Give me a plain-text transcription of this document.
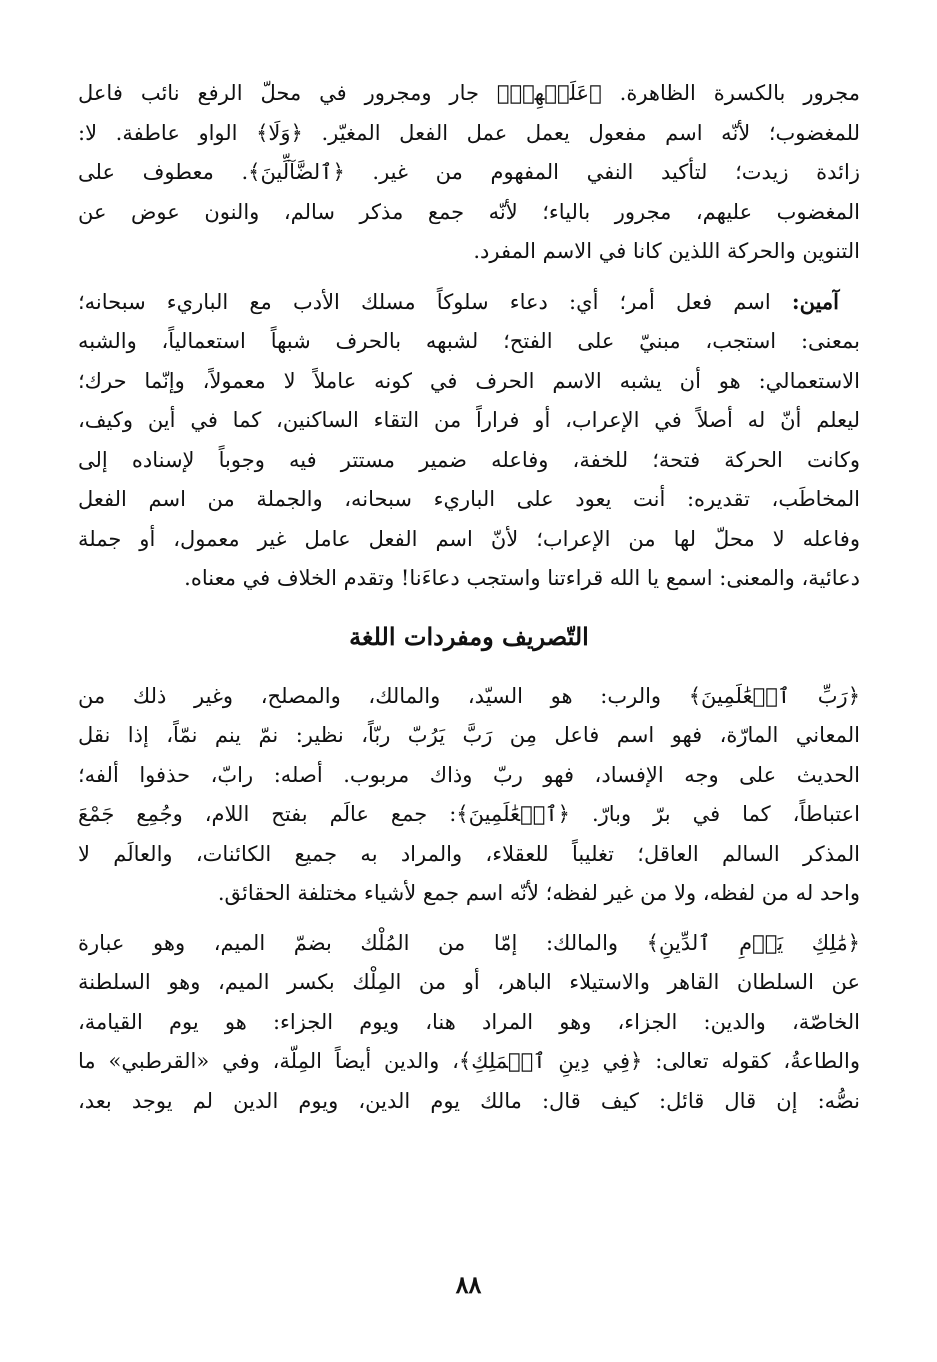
مجرور بالكسرة الظاهرة. ﴿عَلَيۡهِمۡ﴾ جار ومجرور في محلّ الرفع نائب فاعل
للمغضوب؛ لأنّه اسم مفعول يعمل عمل الفعل المغيّر. ﴿وَلَا﴾ الواو عاطفة. لا:
زائدة زيدت؛ لتأكيد النفي المفهوم من غير. ﴿ٱلضَّآلِّينَ﴾. معطوف على
المغضوب عليهم، مجرور بالياء؛ لأنّه جمع مذكر سالم، والنون عوض عن
التنوين والحركة اللذين كانا في الاسم المفرد.
 آمين: اسم فعل أمر؛ أي: دعاء سلوكاً مسلك الأدب مع الباريء سبحانه؛
بمعنى: استجب، مبنيّ على الفتح؛ لشبهه بالحرف شبهاً استعمالياً، والشبه
الاستعمالي: هو أن يشبه الاسم الحرف في كونه عاملاً لا معمولاً، وإنّما حرك؛
ليعلم أنّ له أصلاً في الإعراب، أو فراراً من التقاء الساكنين، كما في أين وكيف،
وكانت الحركة فتحة؛ للخفة، وفاعله ضمير مستتر فيه وجوباً لإسناده إلى
المخاطَب، تقديره: أنت يعود على الباريء سبحانه، والجملة من اسم الفعل
وفاعله لا محلّ لها من الإعراب؛ لأنّ اسم الفعل عامل غير معمول، أو جملة
دعائية، والمعنى: اسمع يا الله قراءتنا واستجب دعاءَنا! وتقدم الخلاف في معناه.
التّصريف ومفردات اللغة
﴿رَبِّ ٱلۡعَٰلَمِينَ﴾ والرب: هو السيّد، والمالك، والمصلح، وغير ذلك من
المعاني المارّة، فهو اسم فاعل مِن رَبَّ يَرُبّ ربّاً، نظير: نمّ ينم نمّاً، إذا نقل
الحديث على وجه الإفساد، فهو ربّ وذاك مربوب. أصله: رابّ، حذفوا ألفه؛
اعتباطاً، كما في برّ وبارّ. ﴿ٱلۡعَٰلَمِينَ﴾: جمع عالَم بفتح اللام، وجُمِع جَمْعَ
المذكر السالم العاقل؛ تغليباً للعقلاء، والمراد به جميع الكائنات، والعالَم لا
واحد له من لفظه، ولا من غير لفظه؛ لأنّه اسم جمع لأشياء مختلفة الحقائق.
﴿مَٰلِكِ يَوۡمِ ٱلدِّينِ﴾ والمالك: إمّا من المُلْك بضمّ الميم، وهو عبارة
عن السلطان القاهر والاستيلاء الباهر، أو من المِلْك بكسر الميم، وهو السلطنة
الخاصّة، والدين: الجزاء، وهو المراد هنا، ويوم الجزاء: هو يوم القيامة،
والطاعةُ، كقوله تعالى: ﴿فِي دِينِ ٱلۡمَلِكِ﴾، والدين أيضاً المِلّة، وفي «القرطبي» ما
نصُّه: إن قال قائل: كيف قال: مالك يوم الدين، ويوم الدين لم يوجد بعد،
٨٨
